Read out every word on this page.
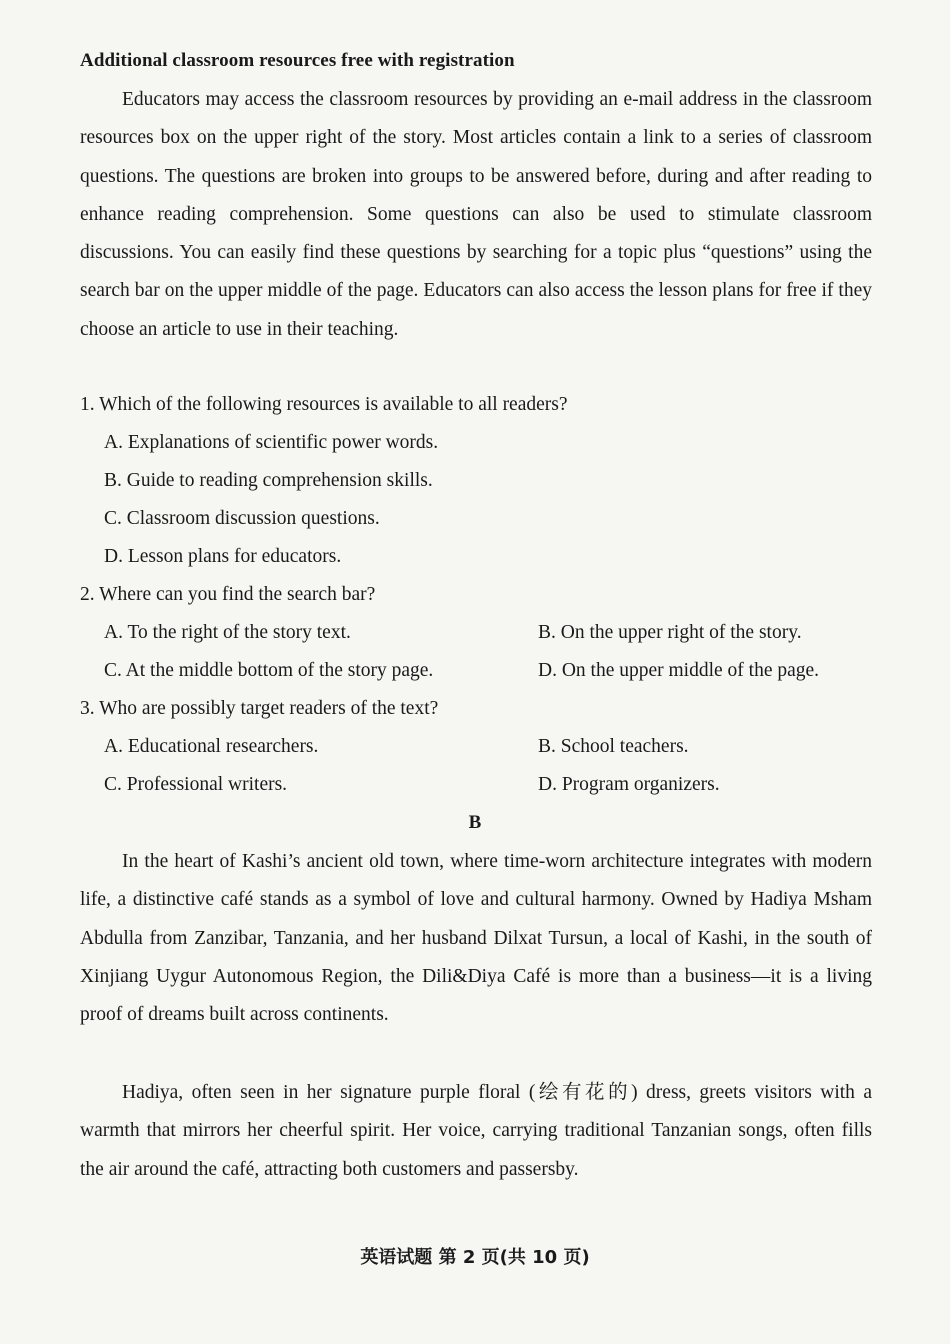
Additional classroom resources free with registration

Educators may access the classroom resources by providing an e-mail address in the classroom resources box on the upper right of the story. Most articles contain a link to a series of classroom questions. The questions are broken into groups to be answered before, during and after reading to enhance reading comprehension. Some questions can also be used to stimulate classroom discussions. You can easily find these questions by searching for a topic plus “questions” using the search bar on the upper middle of the page. Educators can also access the lesson plans for free if they choose an article to use in their teaching.

1. Which of the following resources is available to all readers?
A. Explanations of scientific power words.
B. Guide to reading comprehension skills.
C. Classroom discussion questions.
D. Lesson plans for educators.
2. Where can you find the search bar?
A. To the right of the story text.	B. On the upper right of the story.
C. At the middle bottom of the story page.	D. On the upper middle of the page.
3. Who are possibly target readers of the text?
A. Educational researchers.	B. School teachers.
C. Professional writers.	D. Program organizers.
B

In the heart of Kashi’s ancient old town, where time-worn architecture integrates with modern life, a distinctive café stands as a symbol of love and cultural harmony. Owned by Hadiya Msham Abdulla from Zanzibar, Tanzania, and her husband Dilxat Tursun, a local of Kashi, in the south of Xinjiang Uygur Autonomous Region, the Dili&Diya Café is more than a business—it is a living proof of dreams built across continents.

Hadiya, often seen in her signature purple floral (绘有花的) dress, greets visitors with a warmth that mirrors her cheerful spirit. Her voice, carrying traditional Tanzanian songs, often fills the air around the café, attracting both customers and passersby.

英语试题 第 2 页(共 10 页)
